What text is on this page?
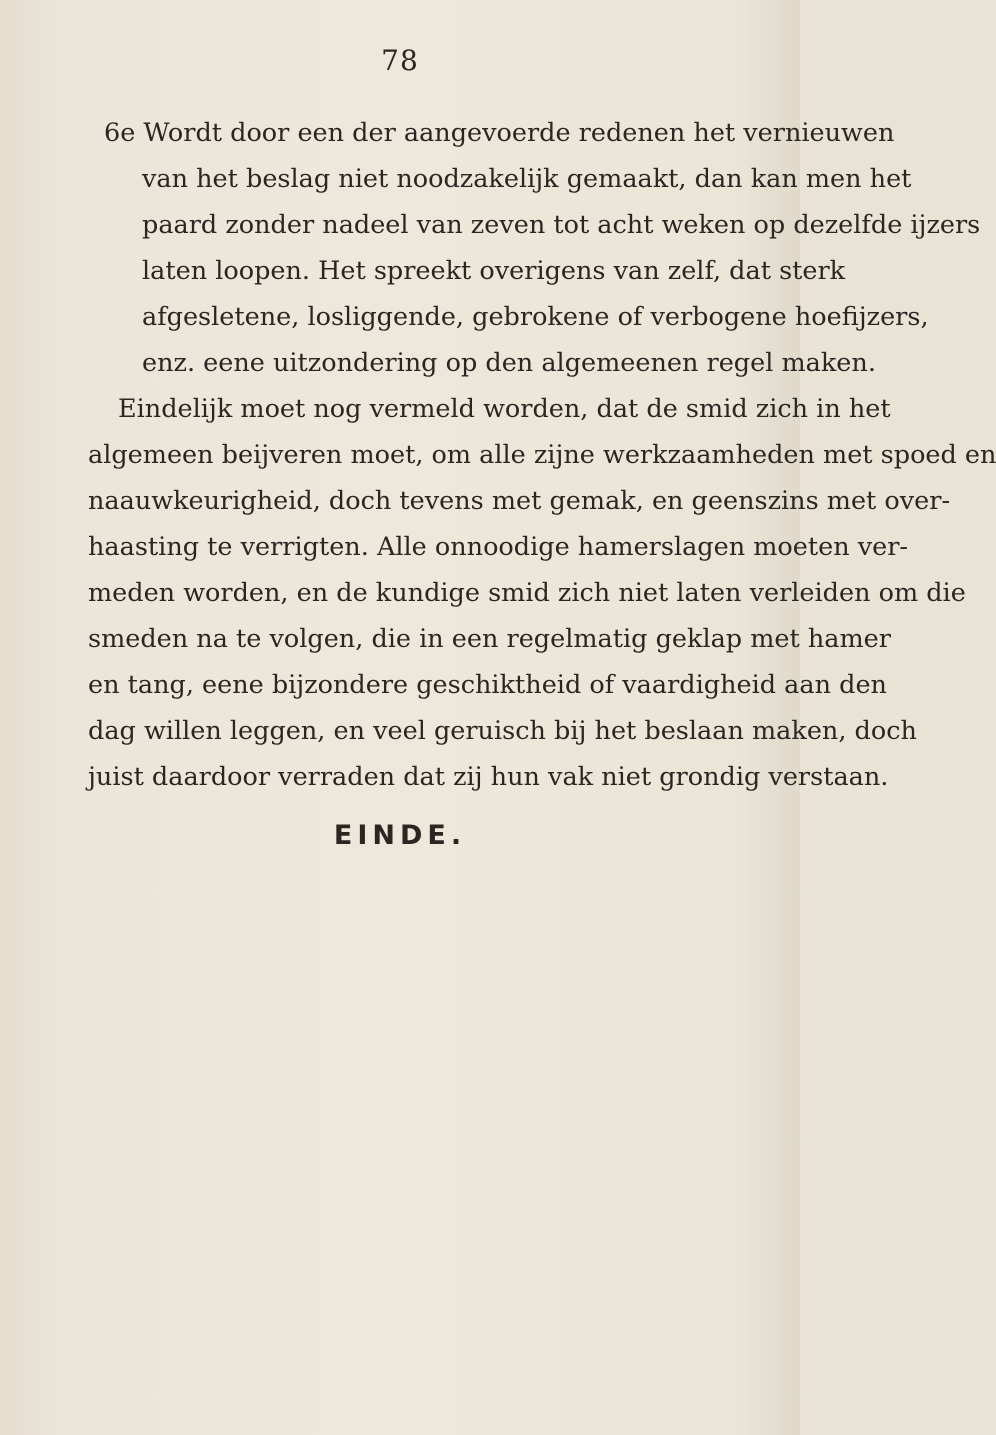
78
6e Wordt door een der aangevoerde redenen het vernieuwen
van het beslag niet noodzakelijk gemaakt, dan kan men het
paard zonder nadeel van zeven tot acht weken op dezelfde ijzers
laten loopen. Het spreekt overigens van zelf, dat sterk
afgesletene, losliggende, gebrokene of verbogene hoefijzers,
enz. eene uitzondering op den algemeenen regel maken.
Eindelijk moet nog vermeld worden, dat de smid zich in het
algemeen beijveren moet, om alle zijne werkzaamheden met spoed en
naauwkeurigheid, doch tevens met gemak, en geenszins met over-
haasting te verrigten. Alle onnoodige hamerslagen moeten ver-
meden worden, en de kundige smid zich niet laten verleiden om die
smeden na te volgen, die in een regelmatig geklap met hamer
en tang, eene bijzondere geschiktheid of vaardigheid aan den
dag willen leggen, en veel geruisch bij het beslaan maken, doch
juist daardoor verraden dat zij hun vak niet grondig verstaan.
EINDE.
